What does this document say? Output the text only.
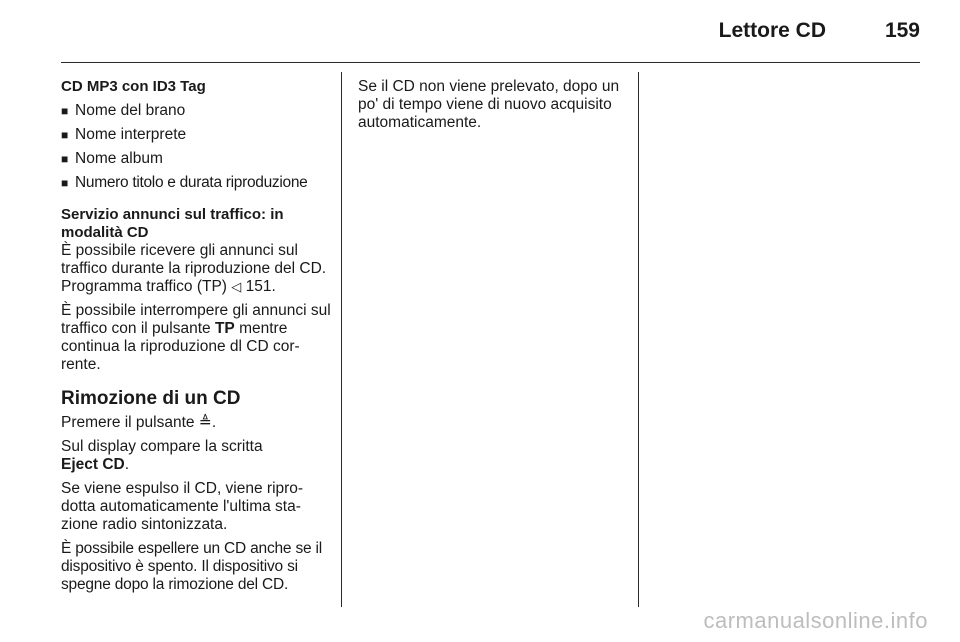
Lettore CD	159
CD MP3 con ID3 Tag
■ Nome del brano
■ Nome interprete
■ Nome album
■ Numero titolo e durata riproduzione
Servizio annunci sul traffico: in
modalità CD

È possibile ricevere gli annunci sul traffico durante la riproduzione del CD. Programma traffico (TP) ◁ 151.

È possibile interrompere gli annunci sul traffico con il pulsante TP mentre continua la riproduzione dl CD cor-rente.

Rimozione di un CD

Premere il pulsante ≜.

Sul display compare la scritta
Eject CD.

Se viene espulso il CD, viene ripro-dotta automaticamente l'ultima sta-zione radio sintonizzata.

È possibile espellere un CD anche se il dispositivo è spento. Il dispositivo si spegne dopo la rimozione del CD.

Se il CD non viene prelevato, dopo un po' di tempo viene di nuovo acquisito automaticamente.

carmanualsonline.info
